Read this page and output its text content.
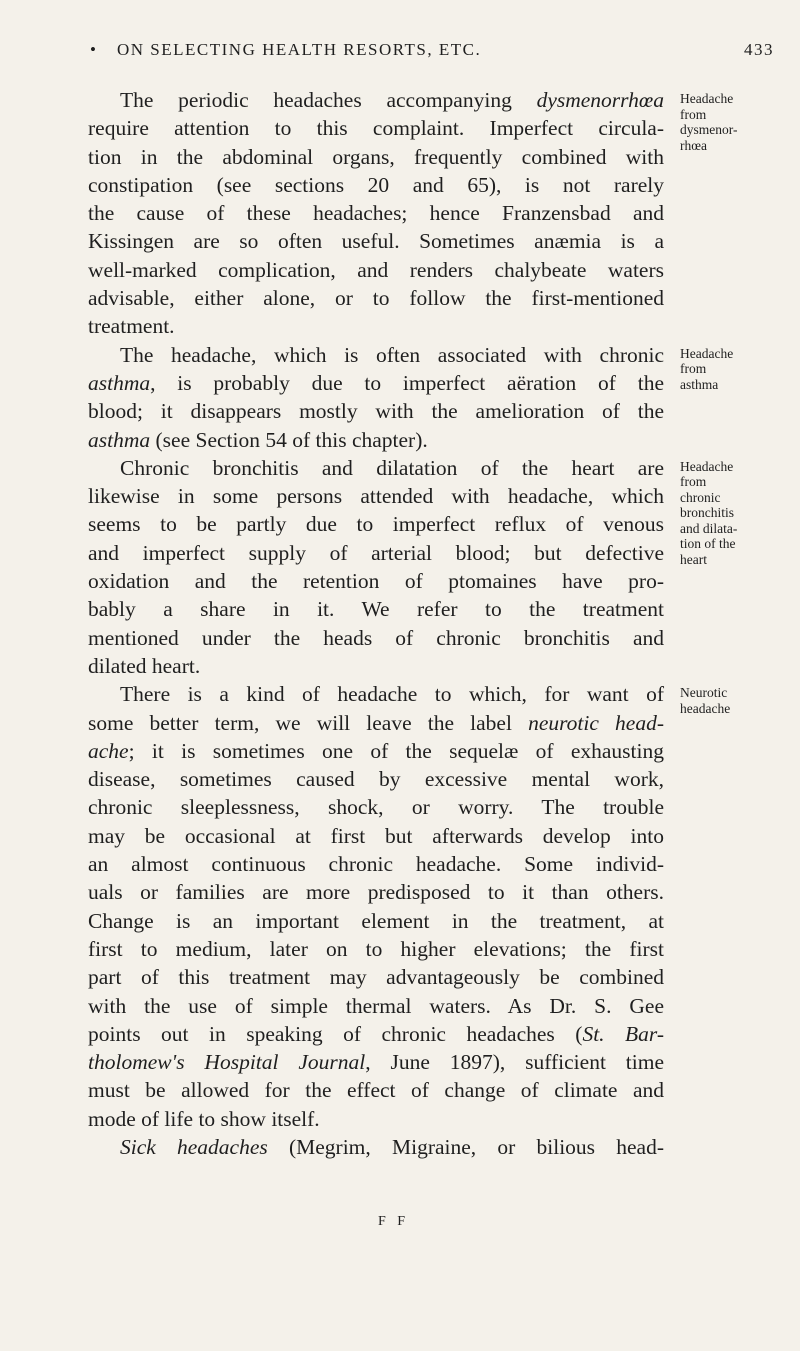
• ON SELECTING HEALTH RESORTS, ETC.	433
The periodic headaches accompanying dysmenorrhœa
require attention to this complaint. Imperfect circula-
tion in the abdominal organs, frequently combined with
constipation (see sections 20 and 65), is not rarely
the cause of these headaches; hence Franzensbad and
Kissingen are so often useful. Sometimes anæmia is a
well-marked complication, and renders chalybeate waters
advisable, either alone, or to follow the first-mentioned
treatment.
The headache, which is often associated with chronic
asthma, is probably due to imperfect aëration of the
blood; it disappears mostly with the amelioration of the
asthma (see Section 54 of this chapter).
Chronic bronchitis and dilatation of the heart are
likewise in some persons attended with headache, which
seems to be partly due to imperfect reflux of venous
and imperfect supply of arterial blood; but defective
oxidation and the retention of ptomaines have pro-
bably a share in it. We refer to the treatment
mentioned under the heads of chronic bronchitis and
dilated heart.
There is a kind of headache to which, for want of
some better term, we will leave the label neurotic head-
ache; it is sometimes one of the sequelæ of exhausting
disease, sometimes caused by excessive mental work,
chronic sleeplessness, shock, or worry. The trouble
may be occasional at first but afterwards develop into
an almost continuous chronic headache. Some individ-
uals or families are more predisposed to it than others.
Change is an important element in the treatment, at
first to medium, later on to higher elevations; the first
part of this treatment may advantageously be combined
with the use of simple thermal waters. As Dr. S. Gee
points out in speaking of chronic headaches (St. Bar-
tholomew's Hospital Journal, June 1897), sufficient time
must be allowed for the effect of change of climate and
mode of life to show itself.
Sick headaches (Megrim, Migraine, or bilious head-
Headache
from
dysmenor-
rhœa
Headache
from
asthma
Headache
from
chronic
bronchitis
and dilata-
tion of the
heart
Neurotic
headache
F F
